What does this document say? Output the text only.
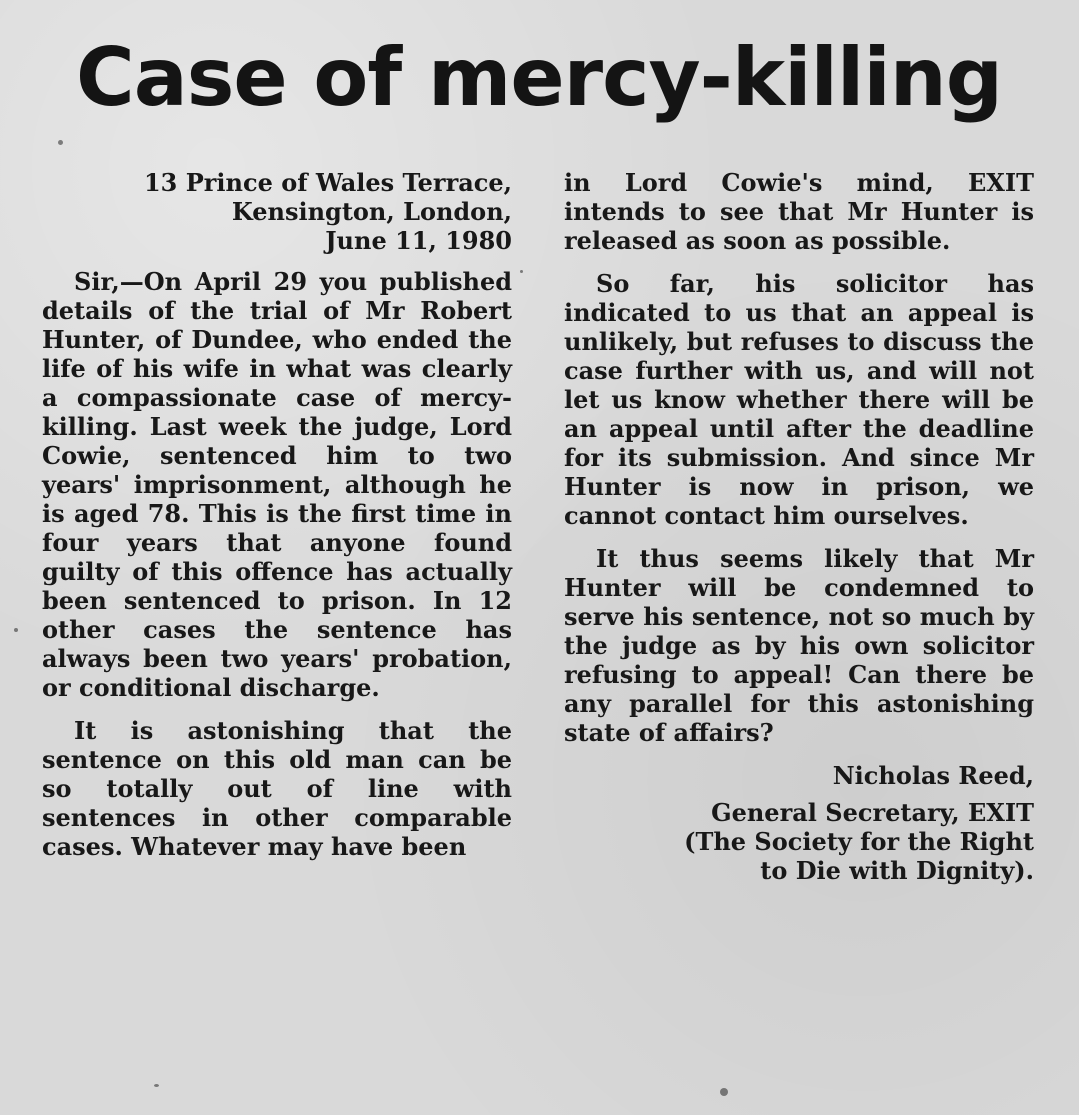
Case of mercy-killing
13 Prince of Wales Terrace,
Kensington, London,
June 11, 1980

Sir,—On April 29 you published details of the trial of Mr Robert Hunter, of Dundee, who ended the life of his wife in what was clearly a compassionate case of mercy-killing. Last week the judge, Lord Cowie, sentenced him to two years' imprisonment, although he is aged 78. This is the first time in four years that anyone found guilty of this offence has actually been sentenced to prison. In 12 other cases the sentence has always been two years' probation, or conditional discharge.

It is astonishing that the sentence on this old man can be so totally out of line with sentences in other comparable cases. Whatever may have been

in Lord Cowie's mind, EXIT intends to see that Mr Hunter is released as soon as possible.

So far, his solicitor has indicated to us that an appeal is unlikely, but refuses to discuss the case further with us, and will not let us know whether there will be an appeal until after the deadline for its submission. And since Mr Hunter is now in prison, we cannot contact him ourselves.

It thus seems likely that Mr Hunter will be condemned to serve his sentence, not so much by the judge as by his own solicitor refusing to appeal! Can there be any parallel for this astonishing state of affairs?

Nicholas Reed,
General Secretary, EXIT
(The Society for the Right
to Die with Dignity).
